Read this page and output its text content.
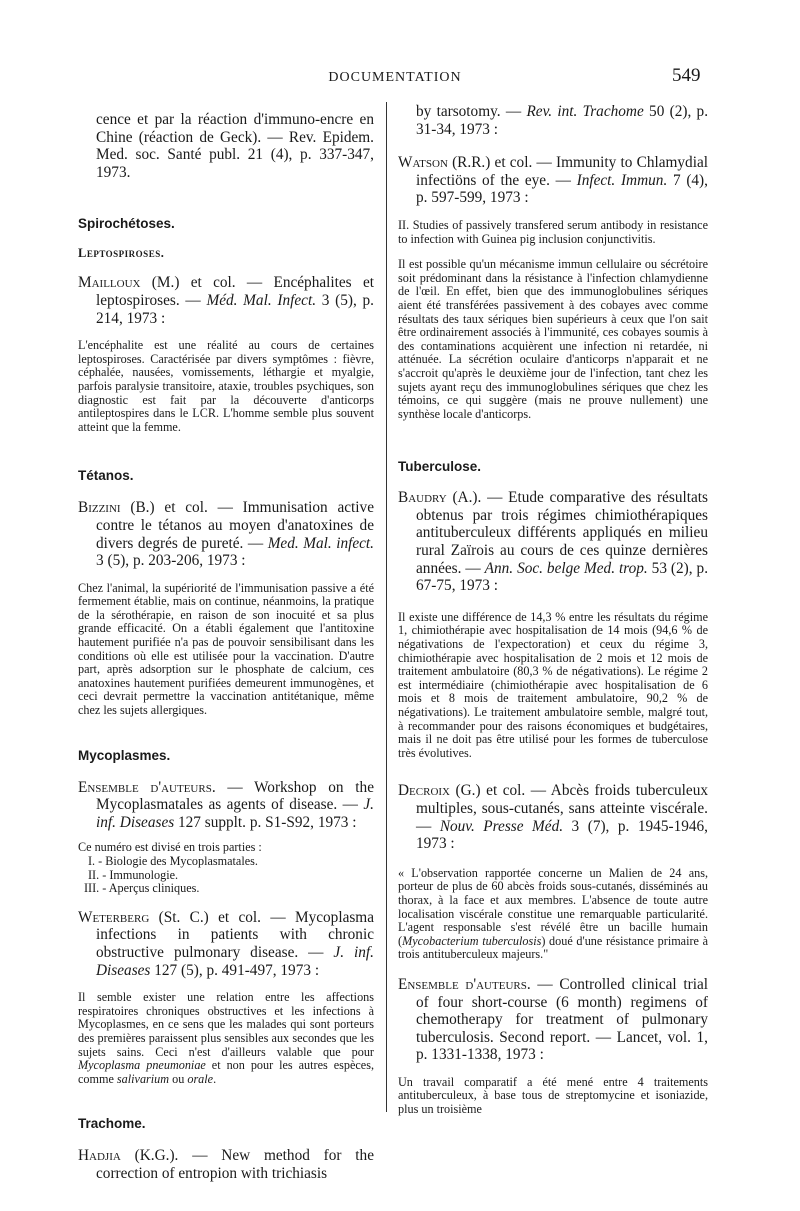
DOCUMENTATION	549

cence et par la réaction d'immuno-encre en Chine (réaction de Geck). — Rev. Epidem. Med. soc. Santé publ. 21 (4), p. 337-347, 1973.

Spirochétoses.
Leptospiroses.

Mailloux (M.) et col. — Encéphalites et leptospiroses. — Méd. Mal. Infect. 3 (5), p. 214, 1973 :

L'encéphalite est une réalité au cours de certaines leptospiroses. Caractérisée par divers symptômes : fièvre, céphalée, nausées, vomissements, léthargie et myalgie, parfois paralysie transitoire, ataxie, troubles psychiques, son diagnostic est fait par la découverte d'anticorps antileptospires dans le LCR. L'homme semble plus souvent atteint que la femme.

Tétanos.

Bizzini (B.) et col. — Immunisation active contre le tétanos au moyen d'anatoxines de divers degrés de pureté. — Med. Mal. infect. 3 (5), p. 203-206, 1973 :

Chez l'animal, la supériorité de l'immunisation passive a été fermement établie, mais on continue, néanmoins, la pratique de la sérothérapie, en raison de son inocuité et sa plus grande efficacité. On a établi également que l'antitoxine hautement purifiée n'a pas de pouvoir sensibilisant dans les conditions où elle est utilisée pour la vaccination. D'autre part, après adsorption sur le phosphate de calcium, ces anatoxines hautement purifiées demeurent immunogènes, et ceci devrait permettre la vaccination antitétanique, même chez les sujets allergiques.

Mycoplasmes.

Ensemble d'auteurs. — Workshop on the Mycoplasmatales as agents of disease. — J. inf. Diseases 127 supplt. p. S1-S92, 1973 :

Ce numéro est divisé en trois parties :
I. - Biologie des Mycoplasmatales.
II. - Immunologie.
III. - Aperçus cliniques.

Weterberg (St. C.) et col. — Mycoplasma infections in patients with chronic obstructive pulmonary disease. — J. inf. Diseases 127 (5), p. 491-497, 1973 :

Il semble exister une relation entre les affections respiratoires chroniques obstructives et les infections à Mycoplasmes, en ce sens que les malades qui sont porteurs des premières paraissent plus sensibles aux secondes que les sujets sains. Ceci n'est d'ailleurs valable que pour Mycoplasma pneumoniae et non pour les autres espèces, comme salivarium ou orale.

Trachome.

Hadjia (K.G.). — New method for the correction of entropion with trichiasis

by tarsotomy. — Rev. int. Trachome 50 (2), p. 31-34, 1973 :

Watson (R.R.) et col. — Immunity to Chlamydial infectiöns of the eye. — Infect. Immun. 7 (4), p. 597-599, 1973 :

II. Studies of passively transfered serum antibody in resistance to infection with Guinea pig inclusion conjunctivitis.

Il est possible qu'un mécanisme immun cellulaire ou sécrétoire soit prédominant dans la résistance à l'infection chlamydienne de l'œil. En effet, bien que des immunoglobulines sériques aient été transférées passivement à des cobayes avec comme résultats des taux sériques bien supérieurs à ceux que l'on sait être ordinairement associés à l'immunité, ces cobayes soumis à des contaminations acquièrent une infection ni retardée, ni atténuée. La sécrétion oculaire d'anticorps n'apparait et ne s'accroit qu'après le deuxième jour de l'infection, tant chez les sujets ayant reçu des immunoglobulines sériques que chez les témoins, ce qui suggère (mais ne prouve nullement) une synthèse locale d'anticorps.

Tuberculose.

Baudry (A.). — Etude comparative des résultats obtenus par trois régimes chimiothérapiques antituberculeux différents appliqués en milieu rural Zaïrois au cours de ces quinze dernières années. — Ann. Soc. belge Med. trop. 53 (2), p. 67-75, 1973 :

Il existe une différence de 14,3 % entre les résultats du régime 1, chimiothérapie avec hospitalisation de 14 mois (94,6 % de négativations de l'expectoration) et ceux du régime 3, chimiothérapie avec hospitalisation de 2 mois et 12 mois de traitement ambulatoire (80,3 % de négativations). Le régime 2 est intermédiaire (chimiothérapie avec hospitalisation de 6 mois et 8 mois de traitement ambulatoire, 90,2 % de négativations). Le traitement ambulatoire semble, malgré tout, à recommander pour des raisons économiques et budgétaires, mais il ne doit pas être utilisé pour les formes de tuberculose très évolutives.

Decroix (G.) et col. — Abcès froids tuberculeux multiples, sous-cutanés, sans atteinte viscérale. — Nouv. Presse Méd. 3 (7), p. 1945-1946, 1973 :

« L'observation rapportée concerne un Malien de 24 ans, porteur de plus de 60 abcès froids sous-cutanés, disséminés au thorax, à la face et aux membres. L'absence de toute autre localisation viscérale constitue une remarquable particularité. L'agent responsable s'est révélé être un bacille humain (Mycobacterium tuberculosis) doué d'une résistance primaire à trois antituberculeux majeurs."

Ensemble d'auteurs. — Controlled clinical trial of four short-course (6 month) regimens of chemotherapy for treatment of pulmonary tuberculosis. Second report. — Lancet, vol. 1, p. 1331-1338, 1973 :

Un travail comparatif a été mené entre 4 traitements antituberculeux, à base tous de streptomycine et isoniazide, plus un troisième
